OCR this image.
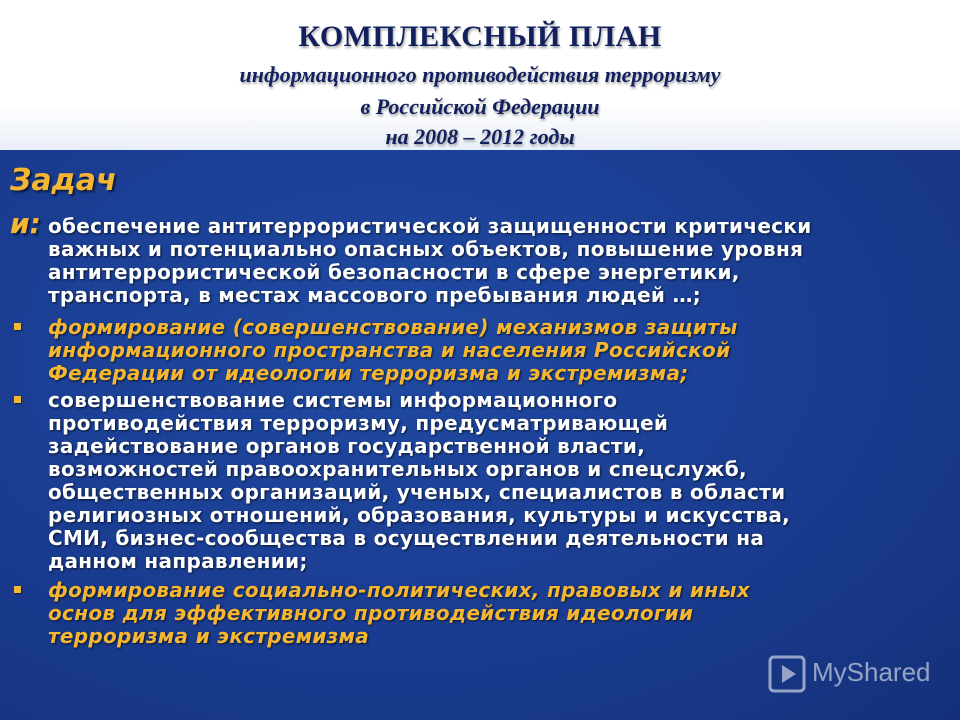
КОМПЛЕКСНЫЙ ПЛАН
информационного противодействия терроризму
в Российской Федерации
на 2008 – 2012 годы
Задач
и: обеспечение антитеррористической защищенности критически
важных и потенциально опасных объектов, повышение уровня
антитеррористической безопасности в сфере энергетики,
транспорта, в местах массового пребывания людей …;
формирование (совершенствование) механизмов защиты
информационного пространства и населения Российской
Федерации от идеологии терроризма и экстремизма;
совершенствование системы информационного
противодействия терроризму, предусматривающей
задействование органов государственной власти,
возможностей правоохранительных органов и спецслужб,
общественных организаций, ученых, специалистов в области
религиозных отношений, образования, культуры и искусства,
СМИ, бизнес-сообщества в осуществлении деятельности на
данном направлении;
формирование социально-политических, правовых и иных
основ для эффективного противодействия идеологии
терроризма и экстремизма
MyShared
